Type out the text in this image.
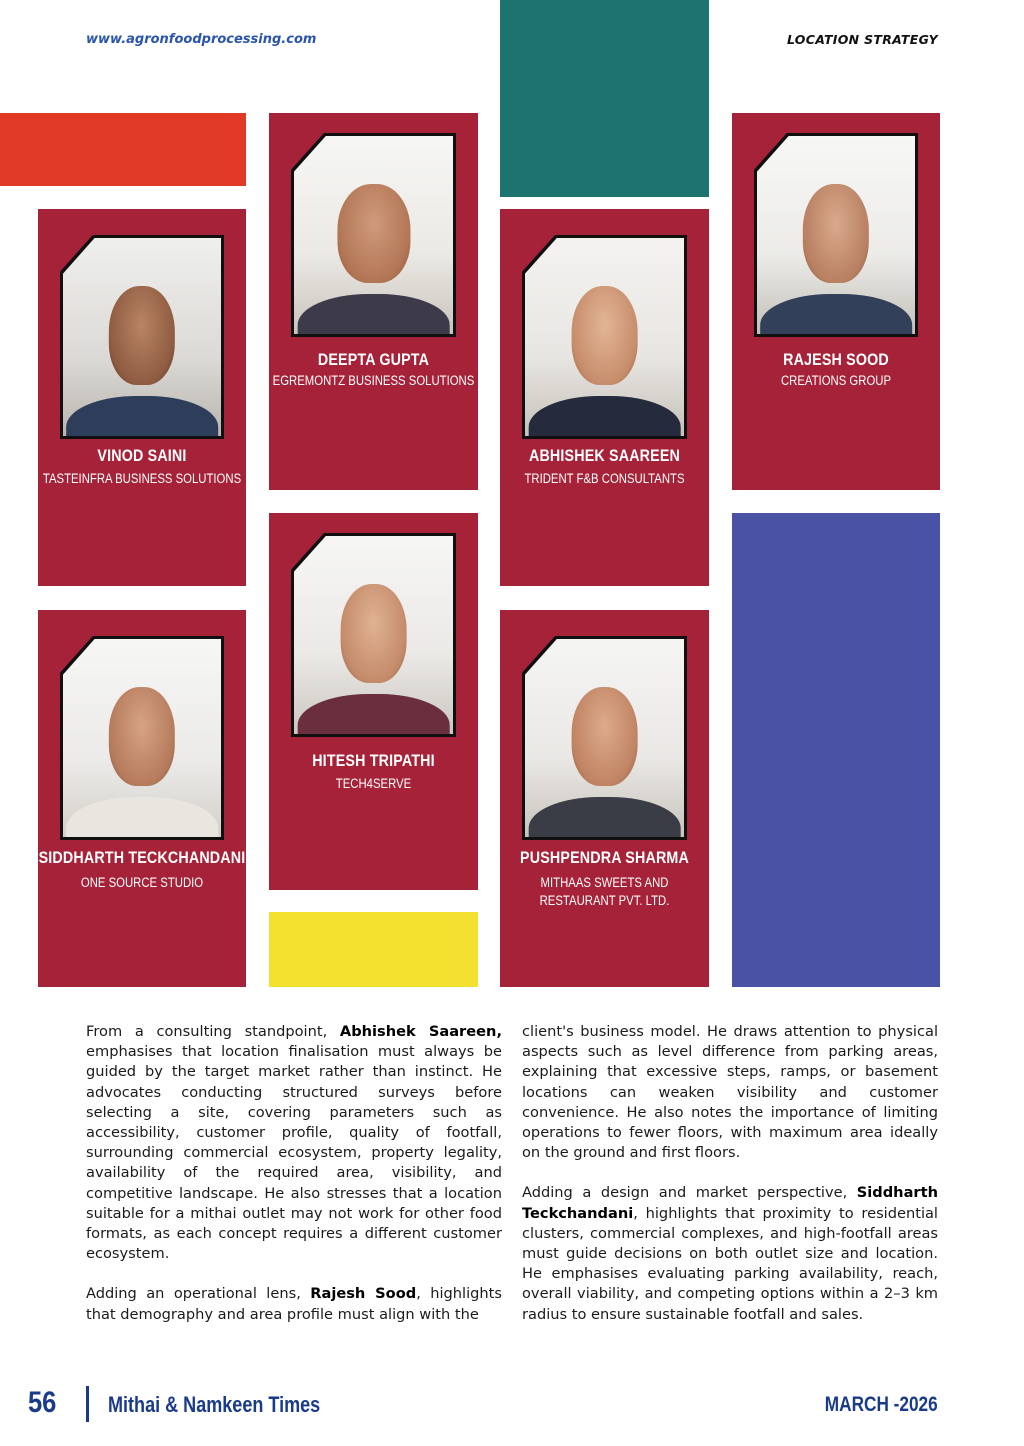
www.agronfoodprocessing.com	LOCATION STRATEGY
VINOD SAINI
TASTEINFRA BUSINESS SOLUTIONS
DEEPTA GUPTA
EGREMONTZ BUSINESS SOLUTIONS
ABHISHEK SAAREEN
TRIDENT F&B CONSULTANTS
RAJESH SOOD
CREATIONS GROUP
SIDDHARTH TECKCHANDANI
ONE SOURCE STUDIO
HITESH TRIPATHI
TECH4SERVE
PUSHPENDRA SHARMA
MITHAAS SWEETS AND
RESTAURANT PVT. LTD.

From a consulting standpoint, Abhishek Saareen, emphasises that location finalisation must always be guided by the target market rather than instinct. He advocates conducting structured surveys before selecting a site, covering parameters such as accessibility, customer profile, quality of footfall, surrounding commercial ecosystem, property legality, availability of the required area, visibility, and competitive landscape. He also stresses that a location suitable for a mithai outlet may not work for other food formats, as each concept requires a different customer ecosystem.

Adding an operational lens, Rajesh Sood, highlights that demography and area profile must align with the

client's business model. He draws attention to physical aspects such as level difference from parking areas, explaining that excessive steps, ramps, or basement locations can weaken visibility and customer convenience. He also notes the importance of limiting operations to fewer floors, with maximum area ideally on the ground and first floors.

Adding a design and market perspective, Siddharth Teckchandani, highlights that proximity to residential clusters, commercial complexes, and high-footfall areas must guide decisions on both outlet size and location. He emphasises evaluating parking availability, reach, overall viability, and competing options within a 2–3 km radius to ensure sustainable footfall and sales.

56 Mithai & Namkeen Times	MARCH -2026
